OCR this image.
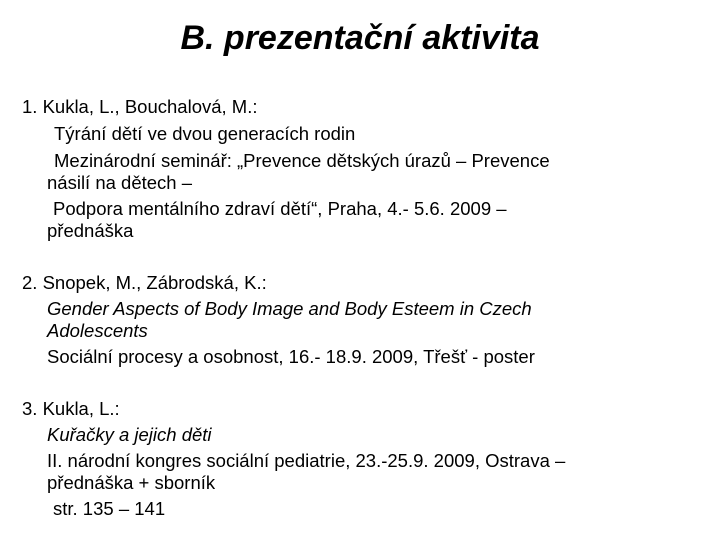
B. prezentační aktivita
1. Kukla, L., Bouchalová, M.:
Týrání dětí ve dvou generacích rodin
Mezinárodní seminář: „Prevence dětských úrazů – Prevence
násilí na dětech –
Podpora mentálního zdraví dětí“, Praha, 4.- 5.6. 2009 –
přednáška
2. Snopek, M., Zábrodská, K.:
Gender Aspects of Body Image and Body Esteem in Czech
Adolescents
Sociální procesy a osobnost, 16.- 18.9. 2009, Třešť - poster
3. Kukla, L.:
Kuřačky a jejich děti
II. národní kongres sociální pediatrie, 23.-25.9. 2009, Ostrava –
přednáška + sborník
str. 135 – 141
